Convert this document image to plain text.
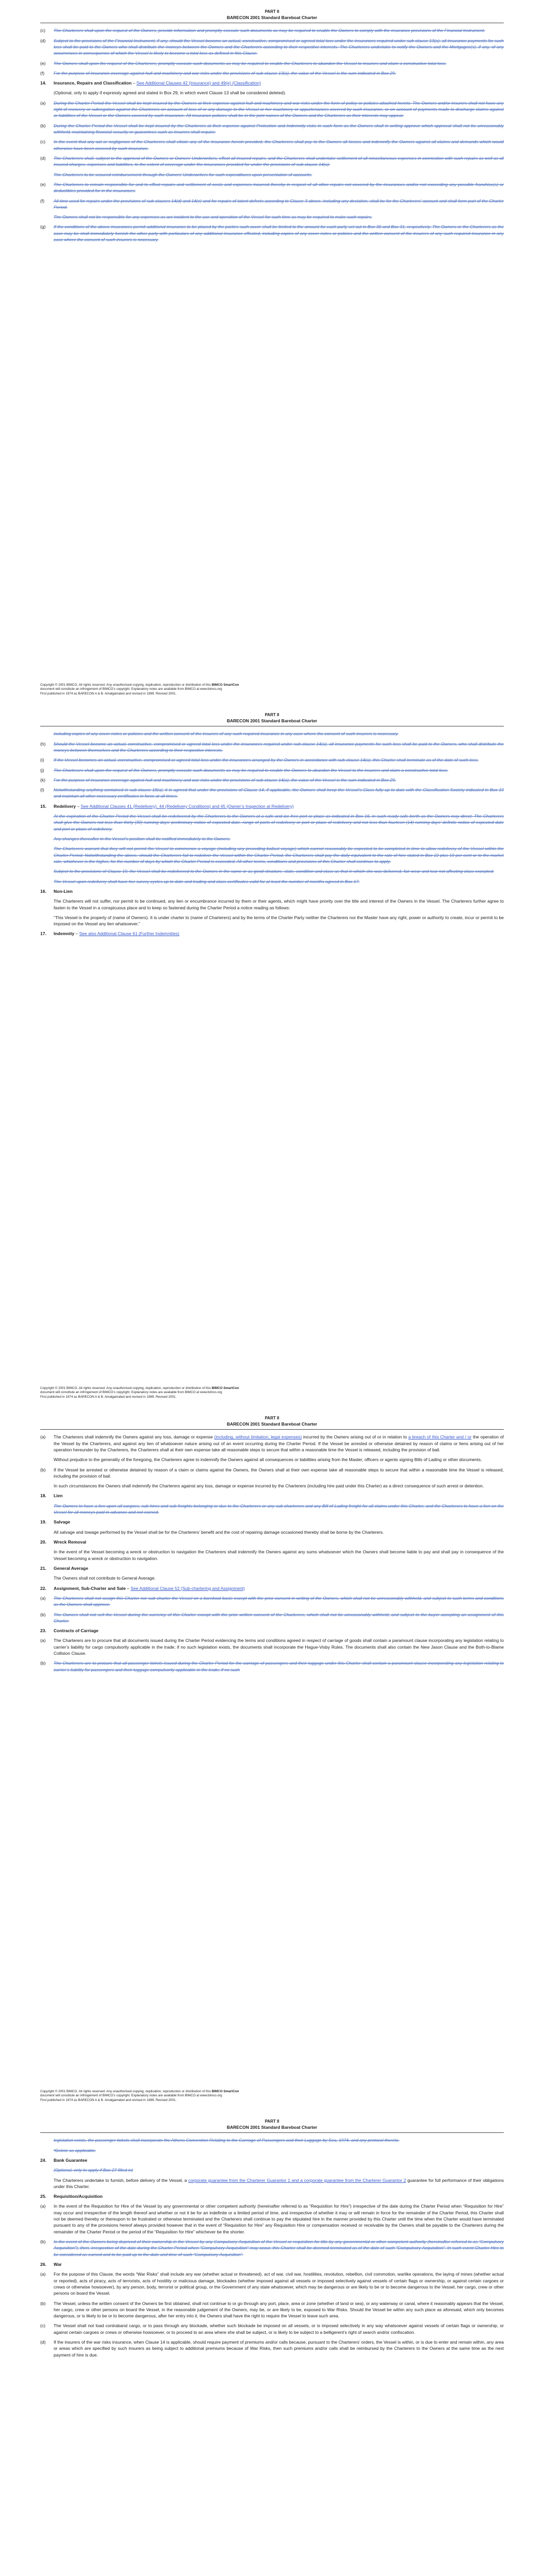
PART II
BARECON 2001 Standard Bareboat Charter
(c)	The Charterers shall upon the request of the Owners, provide information and promptly execute such documents as may be required to enable the Owners to comply with the insurance provisions of the Financial Instrument.
(d)	Subject to the provisions of the Financial Instrument, if any, should the Vessel become an actual, constructive, compromised or agreed total loss under the insurances required under sub-clause 13(a), all insurance payments for such loss shall be paid to the Owners who shall distribute the moneys between the Owners and the Charterers according to their respective interests. The Charterers undertake to notify the Owners and the Mortgagee(s), if any, of any occurrences in consequence of which the Vessel is likely to become a total loss as defined in this Clause.
(e)	The Owners shall upon the request of the Charterers, promptly execute such documents as may be required to enable the Charterers to abandon the Vessel to insurers and claim a constructive total loss.
(f)	For the purpose of insurance coverage against hull and machinery and war risks under the provisions of sub-clause 13(a), the value of the Vessel is the sum indicated in Box 29.
14.	Insurance, Repairs and Classification – See Additional Clauses 42 (Insurance) and 49(e) (Classification)
(Optional, only to apply if expressly agreed and stated in Box 29, in which event Clause 13 shall be considered deleted).
(a)	During the Charter Period the Vessel shall be kept insured by the Owners at their expense against hull and machinery and war risks under the form of policy or policies attached hereto. The Owners and/or insurers shall not have any right of recovery or subrogation against the Charterers on account of loss of or any damage to the Vessel or her machinery or appurtenances covered by such insurance, or on account of payments made to discharge claims against or liabilities of the Vessel or the Owners covered by such insurance. All insurance policies shall be in the joint names of the Owners and the Charterers as their interests may appear.
(b)	During the Charter Period the Vessel shall be kept insured by the Charterers at their expense against Protection and Indemnity risks in such form as the Owners shall in writing approve which approval shall not be unreasonably withheld, maintaining financial security or guarantees such as insurers shall require.
(c)	In the event that any act or negligence of the Charterers shall vitiate any of the insurance herein provided, the Charterers shall pay to the Owners all losses and indemnify the Owners against all claims and demands which would otherwise have been covered by such insurance.
(d)	The Charterers shall, subject to the approval of the Owners or Owners’ Underwriters, effect all insured repairs, and the Charterers shall undertake settlement of all miscellaneous expenses in connection with such repairs as well as all insured charges, expenses and liabilities, to the extent of coverage under the insurances provided for under the provisions of sub-clause 14(a).
The Charterers to be secured reimbursement through the Owners’ Underwriters for such expenditures upon presentation of accounts.
(e)	The Charterers to remain responsible for and to effect repairs and settlement of costs and expenses incurred thereby in respect of all other repairs not covered by the insurances and/or not exceeding any possible franchise(s) or deductibles provided for in the insurances.
(f)	All time used for repairs under the provisions of sub-clauses 14(d) and 14(e) and for repairs of latent defects according to Clause 3 above, including any deviation, shall be for the Charterers’ account and shall form part of the Charter Period.
The Owners shall not be responsible for any expenses as are incident to the use and operation of the Vessel for such time as may be required to make such repairs.
(g)	If the conditions of the above insurances permit additional insurance to be placed by the parties such cover shall be limited to the amount for each party set out in Box 30 and Box 31, respectively. The Owners or the Charterers as the case may be shall immediately furnish the other party with particulars of any additional insurance effected, including copies of any cover notes or policies and the written consent of the insurers of any such required insurance in any case where the consent of such insurers is necessary.
Copyright © 2001 BIMCO. All rights reserved. Any unauthorised copying, duplication, reproduction or distribution of this BIMCO SmartCon
document will constitute an infringement of BIMCO’s copyright. Explanatory notes are available from BIMCO at www.bimco.org
First published in 1974 as BARECON A & B. Amalgamated and revised in 1989. Revised 2001.
PART II
BARECON 2001 Standard Bareboat Charter
including copies of any cover notes or policies and the written consent of the insurers of any such required insurance in any case where the consent of such insurers is necessary.
(h)	Should the Vessel become an actual, constructive, compromised or agreed total loss under the insurances required under sub-clause 14(a), all insurance payments for such loss shall be paid to the Owners, who shall distribute the moneys between themselves and the Charterers according to their respective interests.
(i)	If the Vessel becomes an actual, constructive, compromised or agreed total loss under the insurances arranged by the Owners in accordance with sub-clause 14(a), this Charter shall terminate as of the date of such loss.
(j)	The Charterers shall upon the request of the Owners, promptly execute such documents as may be required to enable the Owners to abandon the Vessel to the insurers and claim a constructive total loss.
(k)	For the purpose of insurance coverage against hull and machinery and war risks under the provisions of sub-clause 14(a), the value of the Vessel is the sum indicated in Box 29.
(l)	Notwithstanding anything contained in sub-clause 18(a), it is agreed that under the provisions of Clause 14, if applicable, the Owners shall keep the Vessel’s Class fully up to date with the Classification Society indicated in Box 10 and maintain all other necessary certificates in force at all times.
15.	Redelivery – See Additional Clauses 41 (Redelivery), 44 (Redelivery Conditions) and 45 (Owner’s Inspection at Redelivery)
At the expiration of the Charter Period the Vessel shall be redelivered by the Charterers to the Owners at a safe and ice-free port or place as indicated in Box 16, in such ready safe berth as the Owners may direct. The Charterers shall give the Owners not less than thirty (30) running days’ preliminary notice of expected date, range of ports of redelivery or port or place of redelivery and not less than fourteen (14) running days’ definite notice of expected date and port or place of redelivery.
Any changes thereafter in the Vessel’s position shall be notified immediately to the Owners.
The Charterers warrant that they will not permit the Vessel to commence a voyage (including any preceding ballast voyage) which cannot reasonably be expected to be completed in time to allow redelivery of the Vessel within the Charter Period. Notwithstanding the above, should the Charterers fail to redeliver the Vessel within the Charter Period, the Charterers shall pay the daily equivalent to the rate of hire stated in Box 22 plus 10 per cent or to the market rate, whichever is the higher, for the number of days by which the Charter Period is exceeded. All other terms, conditions and provisions of this Charter shall continue to apply.
Subject to the provisions of Clause 10, the Vessel shall be redelivered to the Owners in the same or as good structure, state, condition and class as that in which she was delivered, fair wear and tear not affecting class excepted.
The Vessel upon redelivery shall have her survey cycles up to date and trading and class certificates valid for at least the number of months agreed in Box 17.
16.	Non-Lien
The Charterers will not suffer, nor permit to be continued, any lien or encumbrance incurred by them or their agents, which might have priority over the title and interest of the Owners in the Vessel. The Charterers further agree to fasten to the Vessel in a conspicuous place and to keep so fastened during the Charter Period a notice reading as follows:
“This Vessel is the property of (name of Owners). It is under charter to (name of Charterers) and by the terms of the Charter Party neither the Charterers nor the Master have any right, power or authority to create, incur or permit to be imposed on the Vessel any lien whatsoever.”
17.	Indemnity – See also Additional Clause 61 (Further Indemnities)
Copyright © 2001 BIMCO. All rights reserved. Any unauthorised copying, duplication, reproduction or distribution of this BIMCO SmartCon
document will constitute an infringement of BIMCO’s copyright. Explanatory notes are available from BIMCO at www.bimco.org
First published in 1974 as BARECON A & B. Amalgamated and revised in 1989. Revised 2001.
PART II
BARECON 2001 Standard Bareboat Charter
(a)	The Charterers shall indemnify the Owners against any loss, damage or expense (including, without limitation, legal expenses) incurred by the Owners arising out of or in relation to a breach of this Charter and / or the operation of the Vessel by the Charterers, and against any lien of whatsoever nature arising out of an event occurring during the Charter Period. If the Vessel be arrested or otherwise detained by reason of claims or liens arising out of her operation hereunder by the Charterers, the Charterers shall at their own expense take all reasonable steps to secure that within a reasonable time the Vessel is released, including the provision of bail.
Without prejudice to the generality of the foregoing, the Charterers agree to indemnify the Owners against all consequences or liabilities arising from the Master, officers or agents signing Bills of Lading or other documents.
(b)	If the Vessel be arrested or otherwise detained by reason of a claim or claims against the Owners, the Owners shall at their own expense take all reasonable steps to secure that within a reasonable time the Vessel is released, including the provision of bail.
In such circumstances the Owners shall indemnify the Charterers against any loss, damage or expense incurred by the Charterers (including hire paid under this Charter) as a direct consequence of such arrest or detention.
18.	Lien
The Owners to have a lien upon all cargoes, sub-hires and sub-freights belonging or due to the Charterers or any sub-charterers and any Bill of Lading freight for all claims under this Charter, and the Charterers to have a lien on the Vessel for all moneys paid in advance and not earned.
19.	Salvage
All salvage and towage performed by the Vessel shall be for the Charterers’ benefit and the cost of repairing damage occasioned thereby shall be borne by the Charterers.
20.	Wreck Removal
In the event of the Vessel becoming a wreck or obstruction to navigation the Charterers shall indemnify the Owners against any sums whatsoever which the Owners shall become liable to pay and shall pay in consequence of the Vessel becoming a wreck or obstruction to navigation.
21.	General Average
The Owners shall not contribute to General Average.
22.	Assignment, Sub-Charter and Sale – See Additional Clause 52 (Sub-chartering and Assignment)
(a)	The Charterers shall not assign this Charter nor sub-charter the Vessel on a bareboat basis except with the prior consent in writing of the Owners, which shall not be unreasonably withheld, and subject to such terms and conditions as the Owners shall approve.
(b)	The Owners shall not sell the Vessel during the currency of this Charter except with the prior written consent of the Charterers, which shall not be unreasonably withheld, and subject to the buyer accepting an assignment of this Charter.
23.	Contracts of Carriage
(a)	The Charterers are to procure that all documents issued during the Charter Period evidencing the terms and conditions agreed in respect of carriage of goods shall contain a paramount clause incorporating any legislation relating to carrier’s liability for cargo compulsorily applicable in the trade; if no such legislation exists, the documents shall incorporate the Hague-Visby Rules. The documents shall also contain the New Jason Clause and the Both-to-Blame Collision Clause.
(b)	The Charterers are to procure that all passenger tickets issued during the Charter Period for the carriage of passengers and their luggage under this Charter shall contain a paramount clause incorporating any legislation relating to carrier’s liability for passengers and their luggage compulsorily applicable in the trade; if no such
Copyright © 2001 BIMCO. All rights reserved. Any unauthorised copying, duplication, reproduction or distribution of this BIMCO SmartCon
document will constitute an infringement of BIMCO’s copyright. Explanatory notes are available from BIMCO at www.bimco.org
First published in 1974 as BARECON A & B. Amalgamated and revised in 1989. Revised 2001.
PART II
BARECON 2001 Standard Bareboat Charter
legislation exists, the passenger tickets shall incorporate the Athens Convention Relating to the Carriage of Passengers and their Luggage by Sea, 1974, and any protocol thereto.
*Delete as applicable.
24.	Bank Guarantee
(Optional, only to apply if Box 27 filled in)
The Charterers undertake to furnish, before delivery of the Vessel, a corporate guarantee from the Charterer Guarantor 1 and a corporate guarantee from the Charterer Guarantor 2 guarantee for full performance of their obligations under this Charter.
25.	Requisition/Acquisition
(a)	In the event of the Requisition for Hire of the Vessel by any governmental or other competent authority (hereinafter referred to as “Requisition for Hire”) irrespective of the date during the Charter Period when “Requisition for Hire” may occur and irrespective of the length thereof and whether or not it be for an indefinite or a limited period of time, and irrespective of whether it may or will remain in force for the remainder of the Charter Period, this Charter shall not be deemed thereby or thereupon to be frustrated or otherwise terminated and the Charterers shall continue to pay the stipulated hire in the manner provided by this Charter until the time when the Charter would have terminated pursuant to any of the provisions hereof always provided however that in the event of “Requisition for Hire” any Requisition Hire or compensation received or receivable by the Owners shall be payable to the Charterers during the remainder of the Charter Period or the period of the “Requisition for Hire” whichever be the shorter.
(b)	In the event of the Owners being deprived of their ownership in the Vessel by any Compulsory Acquisition of the Vessel or requisition for title by any governmental or other competent authority (hereinafter referred to as “Compulsory Acquisition”), then, irrespective of the date during the Charter Period when “Compulsory Acquisition” may occur, this Charter shall be deemed terminated as of the date of such “Compulsory Acquisition”. In such event Charter Hire to be considered as earned and to be paid up to the date and time of such “Compulsory Acquisition”.
26.	War
(a)	For the purpose of this Clause, the words “War Risks” shall include any war (whether actual or threatened), act of war, civil war, hostilities, revolution, rebellion, civil commotion, warlike operations, the laying of mines (whether actual or reported), acts of piracy, acts of terrorists, acts of hostility or malicious damage, blockades (whether imposed against all vessels or imposed selectively against vessels of certain flags or ownership, or against certain cargoes or crews or otherwise howsoever), by any person, body, terrorist or political group, or the Government of any state whatsoever, which may be dangerous or are likely to be or to become dangerous to the Vessel, her cargo, crew or other persons on board the Vessel.
(b)	The Vessel, unless the written consent of the Owners be first obtained, shall not continue to or go through any port, place, area or zone (whether of land or sea), or any waterway or canal, where it reasonably appears that the Vessel, her cargo, crew or other persons on board the Vessel, in the reasonable judgement of the Owners, may be, or are likely to be, exposed to War Risks. Should the Vessel be within any such place as aforesaid, which only becomes dangerous, or is likely to be or to become dangerous, after her entry into it, the Owners shall have the right to require the Vessel to leave such area.
(c)	The Vessel shall not load contraband cargo, or to pass through any blockade, whether such blockade be imposed on all vessels, or is imposed selectively in any way whatsoever against vessels of certain flags or ownership, or against certain cargoes or crews or otherwise howsoever, or to proceed to an area where she shall be subject, or is likely to be subject to a belligerent’s right of search and/or confiscation.
(d)	If the insurers of the war risks insurance, when Clause 14 is applicable, should require payment of premiums and/or calls because, pursuant to the Charterers’ orders, the Vessel is within, or is due to enter and remain within, any area or areas which are specified by such insurers as being subject to additional premiums because of War Risks, then such premiums and/or calls shall be reimbursed by the Charterers to the Owners at the same time as the next payment of hire is due.
